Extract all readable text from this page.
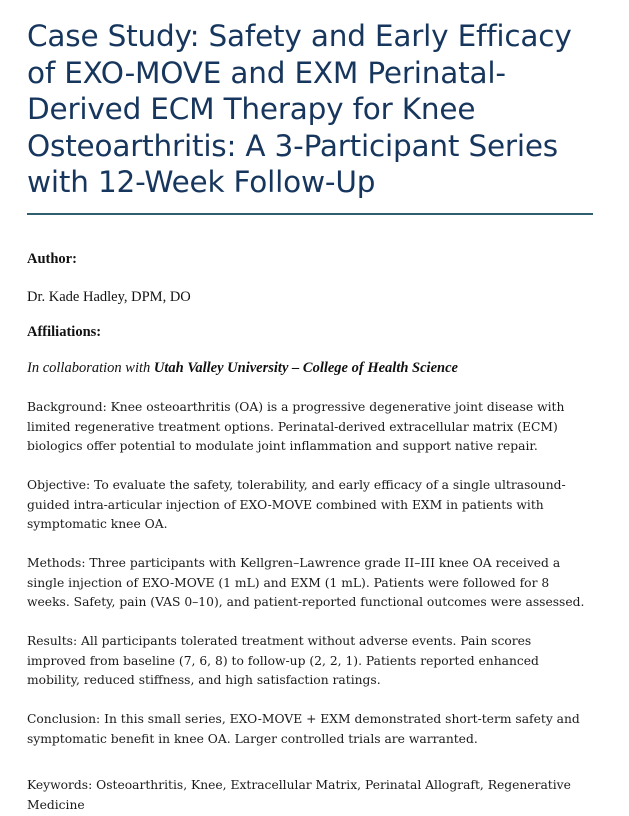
Case Study: Safety and Early Efficacy of EXO-MOVE and EXM Perinatal-Derived ECM Therapy for Knee Osteoarthritis: A 3-Participant Series with 12-Week Follow-Up
Author:
Dr. Kade Hadley, DPM, DO
Affiliations:
In collaboration with Utah Valley University – College of Health Science

Background: Knee osteoarthritis (OA) is a progressive degenerative joint disease with limited regenerative treatment options. Perinatal-derived extracellular matrix (ECM) biologics offer potential to modulate joint inflammation and support native repair.

Objective: To evaluate the safety, tolerability, and early efficacy of a single ultrasound-guided intra-articular injection of EXO-MOVE combined with EXM in patients with symptomatic knee OA.

Methods: Three participants with Kellgren–Lawrence grade II–III knee OA received a single injection of EXO-MOVE (1 mL) and EXM (1 mL). Patients were followed for 8 weeks. Safety, pain (VAS 0–10), and patient-reported functional outcomes were assessed.

Results: All participants tolerated treatment without adverse events. Pain scores improved from baseline (7, 6, 8) to follow-up (2, 2, 1). Patients reported enhanced mobility, reduced stiffness, and high satisfaction ratings.

Conclusion: In this small series, EXO-MOVE + EXM demonstrated short-term safety and symptomatic benefit in knee OA. Larger controlled trials are warranted.

Keywords: Osteoarthritis, Knee, Extracellular Matrix, Perinatal Allograft, Regenerative Medicine
